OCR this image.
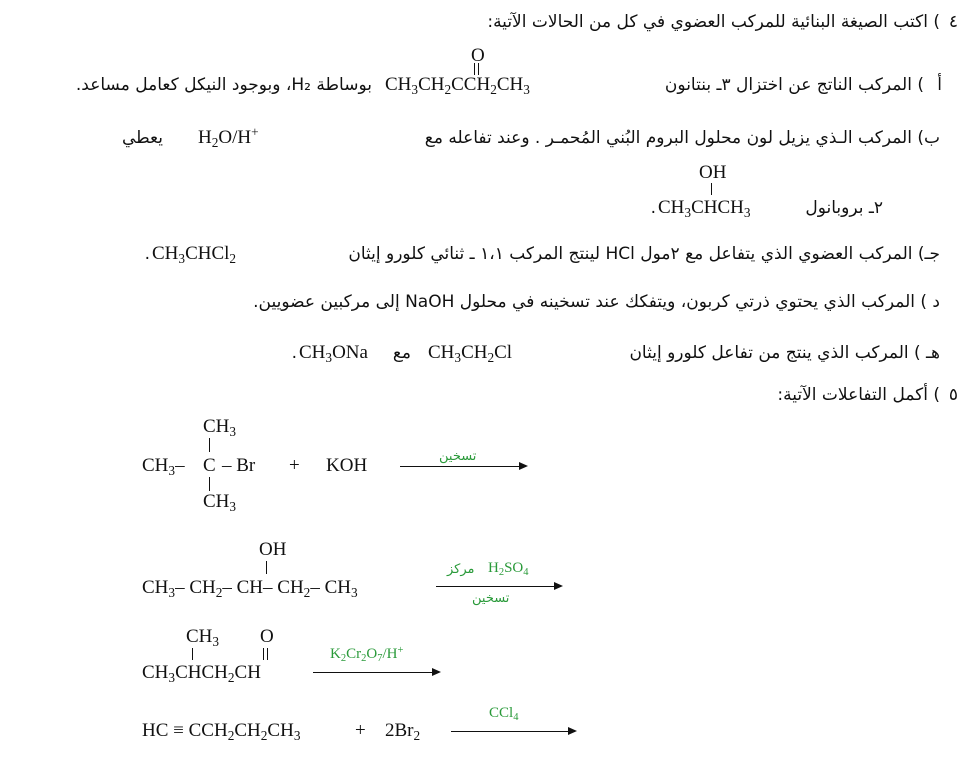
٤
) اكتب الصيغة البنائية للمركب العضوي في كل من الحالات الآتية:
أ
) المركب الناتج عن اختزال ٣ـ بنتانون
O
$CH_3CH_2CCH_2CH_3$
بوساطة H₂، وبوجود النيكل كعامل مساعد.
ب) المركب الـذي يزيل لون محلول البروم البُني المُحمـر . وعند تفاعله مع
$H_2O/H^+$
يعطي
OH
$CH_3CHCH_3$
.	٢ـ بروبانول
جـ) المركب العضوي الذي يتفاعل مع ٢مول HCl لينتج المركب ١،١ ـ ثنائي كلورو إيثان
$CH_3CHCl_2$
.
د ) المركب الذي يحتوي ذرتي كربون، ويتفكك عند تسخينه في محلول NaOH إلى مركبين عضويين.
هـ ) المركب الذي ينتج من تفاعل كلورو إيثان
$CH_3CH_2Cl$
مع
$CH_3ONa$
.
٥
) أكمل التفاعلات الآتية:
$CH_3$
$CH_3-$ C – Br
$CH_3$
+ KOH	تسخين
OH
$CH_3-$ $CH_2-$ CH– $CH_2-$ $CH_3$
$H_2SO_4$
مركز
تسخين
$CH_3$ O
$CH_3CHCH_2CH$
$K_2Cr_2O_7/H^+$
HC ≡ $CCH_2CH_2CH_3$	+ $2Br_2$
CCl$_4$
